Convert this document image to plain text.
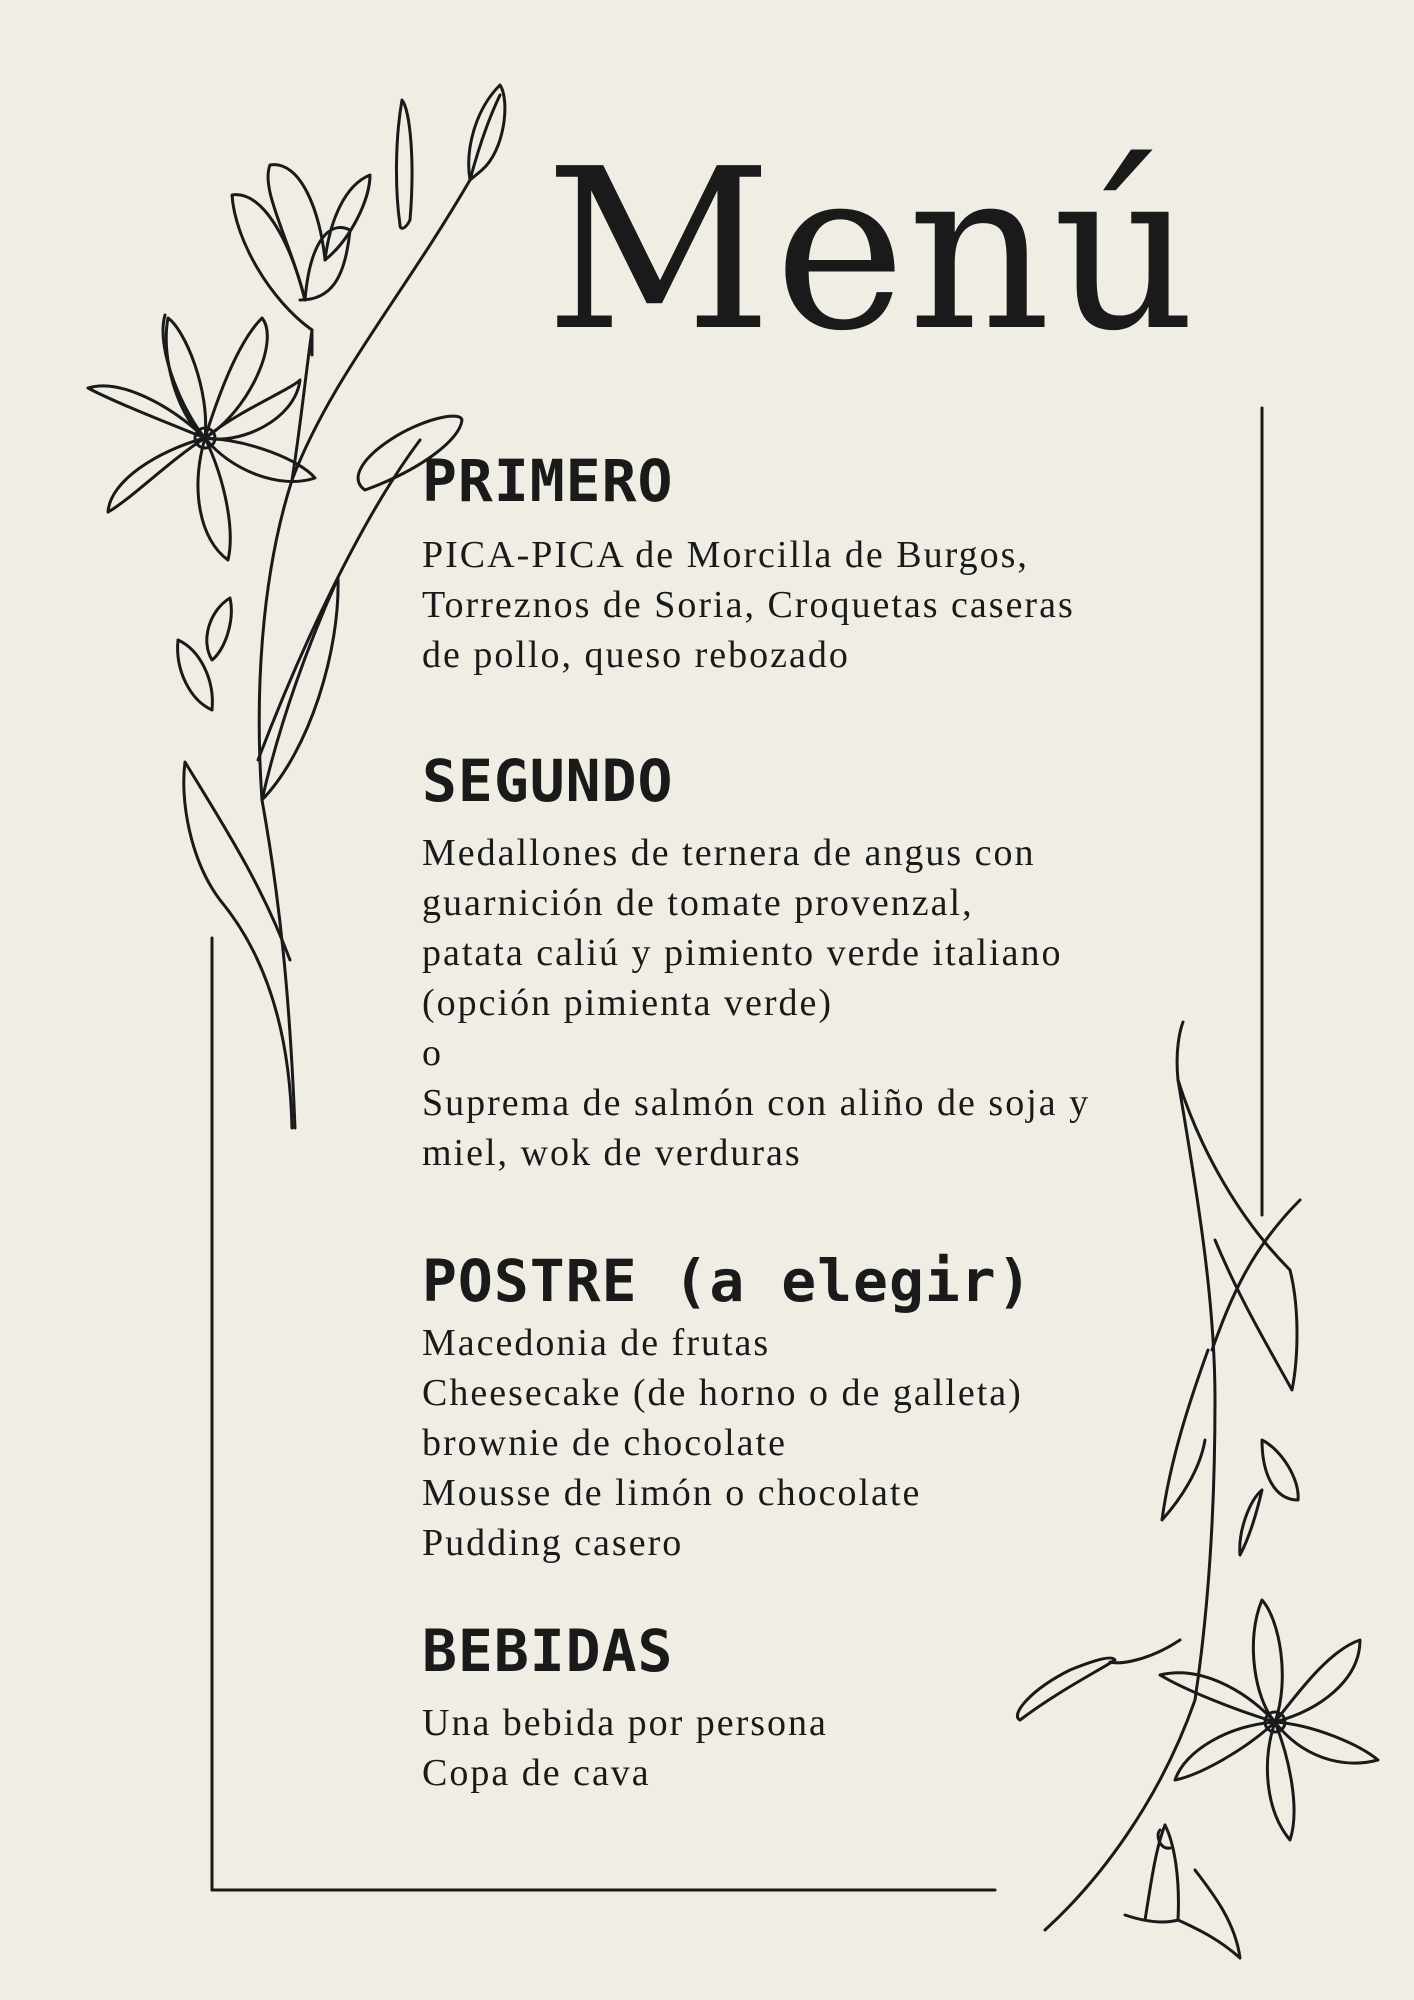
Menú
PRIMERO
PICA-PICA de Morcilla de Burgos,
Torreznos de Soria, Croquetas caseras
de pollo, queso rebozado
SEGUNDO
Medallones de ternera de angus con
guarnición de tomate provenzal,
patata caliú y pimiento verde italiano
(opción pimienta verde)
o
Suprema de salmón con aliño de soja y
miel, wok de verduras
POSTRE (a elegir)
Macedonia de frutas
Cheesecake (de horno o de galleta)
brownie de chocolate
Mousse de limón o chocolate
Pudding casero
BEBIDAS
Una bebida por persona
Copa de cava
